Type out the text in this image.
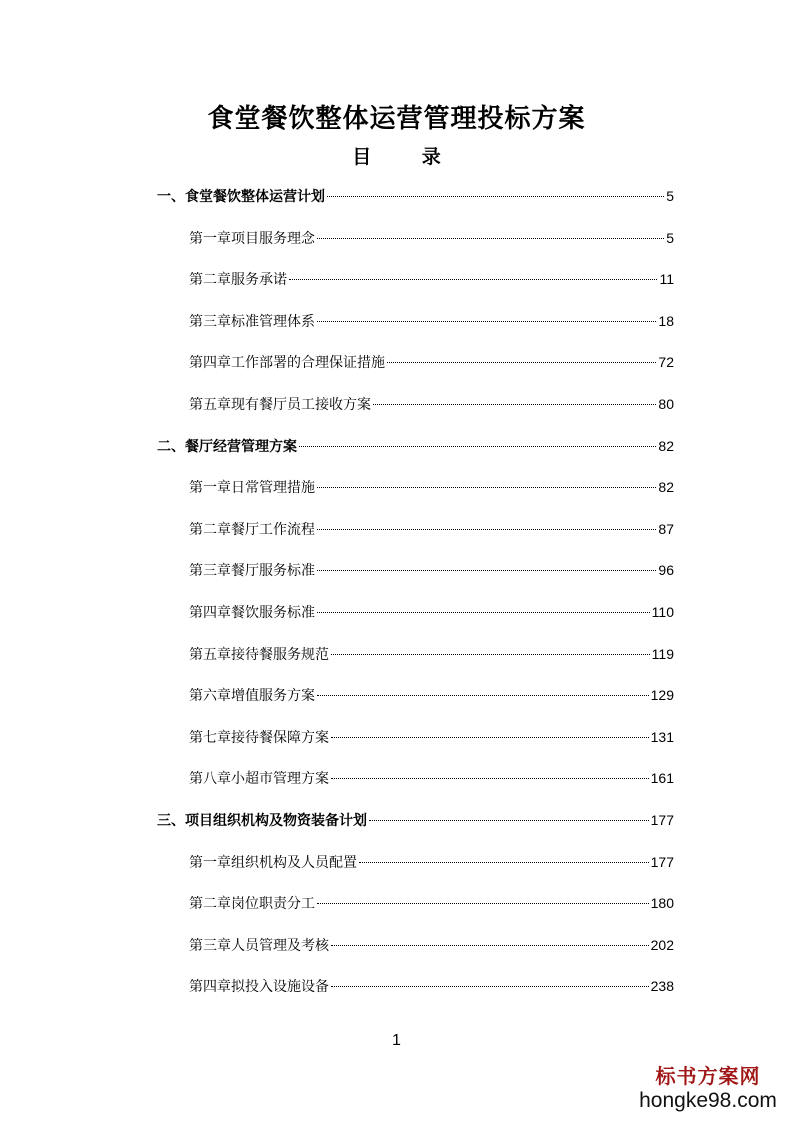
食堂餐饮整体运营管理投标方案
目 录
一、食堂餐饮整体运营计划	5
第一章项目服务理念	5
第二章服务承诺	11
第三章标准管理体系	18
第四章工作部署的合理保证措施	72
第五章现有餐厅员工接收方案	80
二、餐厅经营管理方案	82
第一章日常管理措施	82
第二章餐厅工作流程	87
第三章餐厅服务标准	96
第四章餐饮服务标准	110
第五章接待餐服务规范	119
第六章增值服务方案	129
第七章接待餐保障方案	131
第八章小超市管理方案	161
三、项目组织机构及物资装备计划	177
第一章组织机构及人员配置	177
第二章岗位职责分工	180
第三章人员管理及考核	202
第四章拟投入设施设备	238
1
标书方案网
hongke98.com
